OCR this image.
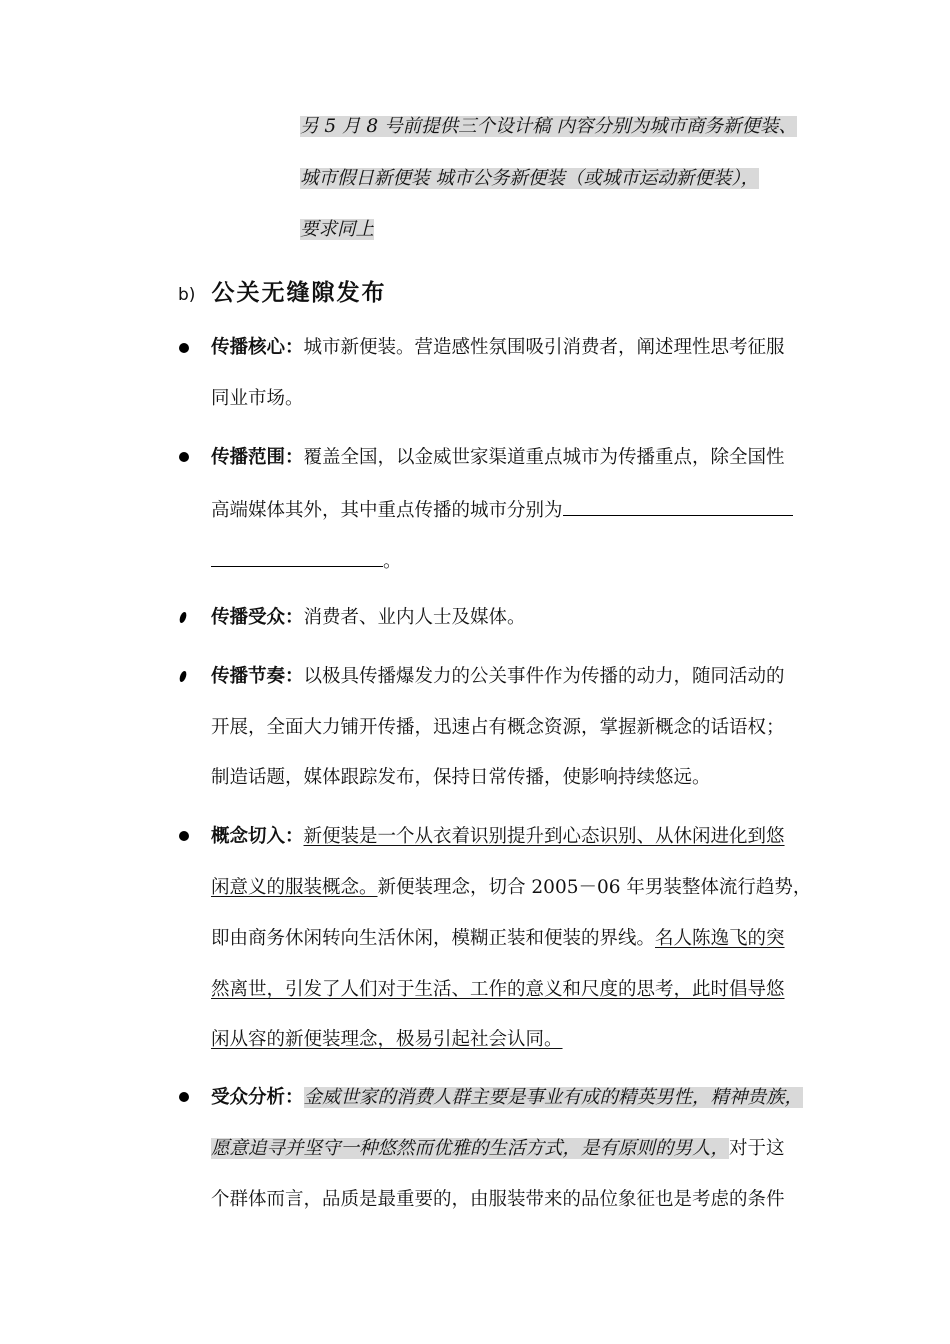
另 5 月 8 号前提供三个设计稿 内容分别为城市商务新便装、
城市假日新便装 城市公务新便装（或城市运动新便装），
要求同上
b) 公关无缝隙发布
传播核心：城市新便装。营造感性氛围吸引消费者，阐述理性思考征服
同业市场。
传播范围：覆盖全国，以金威世家渠道重点城市为传播重点，除全国性
高端媒体其外，其中重点传播的城市分别为
。
传播受众：消费者、业内人士及媒体。
传播节奏：以极具传播爆发力的公关事件作为传播的动力，随同活动的
开展，全面大力铺开传播，迅速占有概念资源，掌握新概念的话语权；
制造话题，媒体跟踪发布，保持日常传播，使影响持续悠远。
概念切入：新便装是一个从衣着识别提升到心态识别、从休闲进化到悠
闲意义的服装概念。新便装理念，切合 2005－06 年男装整体流行趋势，
即由商务休闲转向生活休闲，模糊正装和便装的界线。名人陈逸飞的突
然离世，引发了人们对于生活、工作的意义和尺度的思考，此时倡导悠
闲从容的新便装理念，极易引起社会认同。
受众分析：金威世家的消费人群主要是事业有成的精英男性，精神贵族，
愿意追寻并坚守一种悠然而优雅的生活方式，是有原则的男人，对于这
个群体而言，品质是最重要的，由服装带来的品位象征也是考虑的条件
